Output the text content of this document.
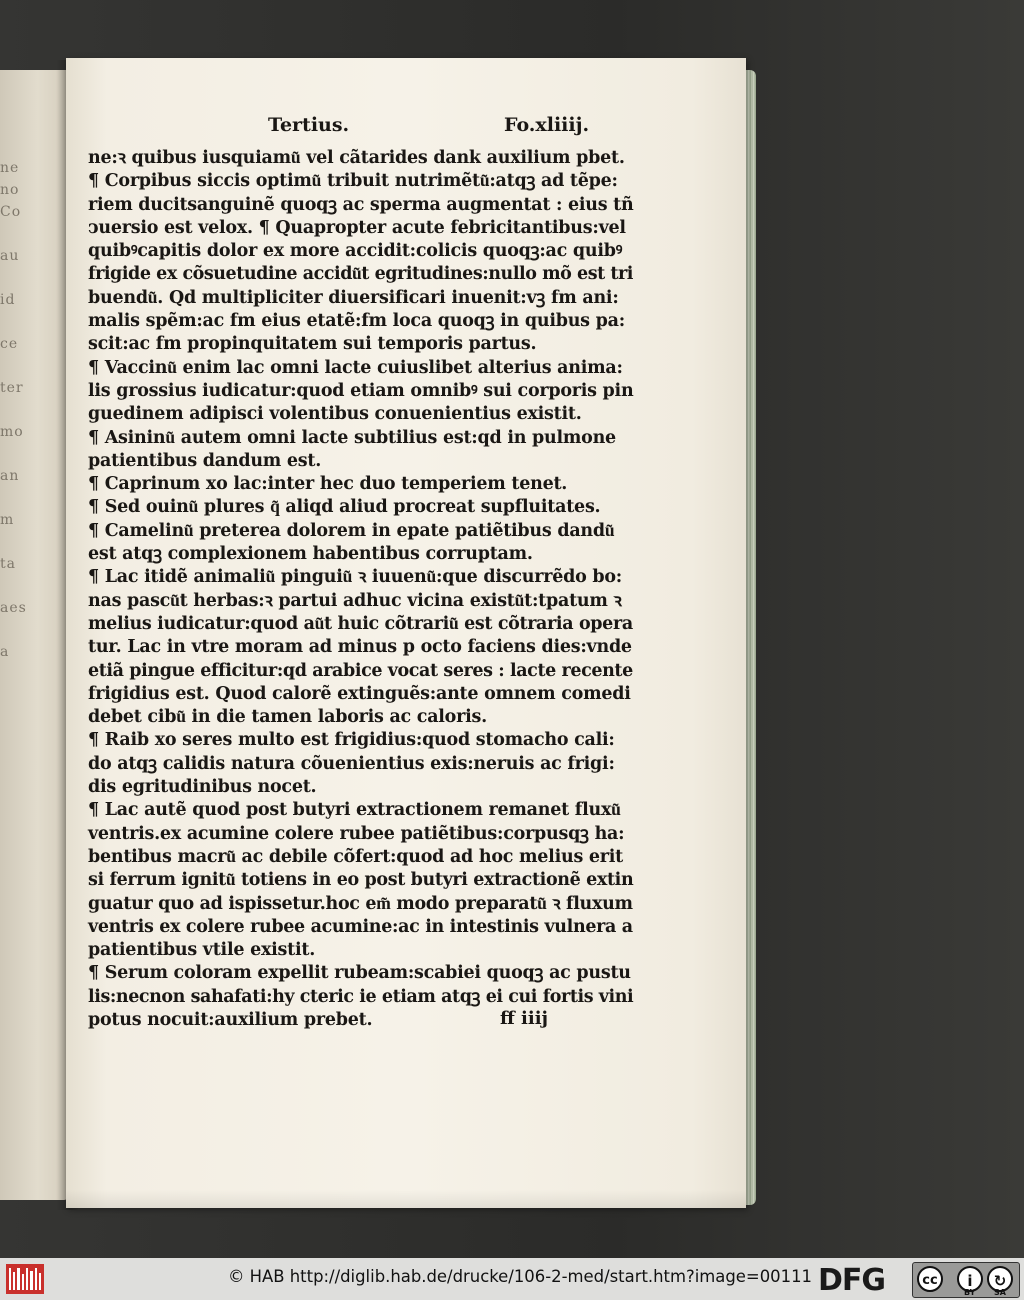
ne
no
Co
au
id
ce
ter
mo
an
m
ta
aes
a
Tertius.	Fo.xliiij.
ne:ꝛ quibus iusquiamu͂ vel cãtarides dank auxilium pbet.
¶ Corpibus siccis optimu͂ tribuit nutrimẽtu͂:atqꝫ ad tẽpe:
riem ducitsanguinẽ quoqꝫ ac sperma augmentat : eius tñ
ↄuersio est velox. ¶ Quapropter acute febricitantibus:vel
quibꝰcapitis dolor ex more accidit:colicis quoqꝫ:ac quibꝰ
frigide ex cõsuetudine accidu͂t egritudines:nullo mõ est tri
buendu͂. Qd multipliciter diuersificari inuenit:vꝫ fm ani:
malis spẽm:ac fm eius etatẽ:fm loca quoqꝫ in quibus pa:
scit:ac fm propinquitatem sui temporis partus.
¶ Vaccinu͂ enim lac omni lacte cuiuslibet alterius anima:
lis grossius iudicatur:quod etiam omnibꝰ sui corporis pin
guedinem adipisci volentibus conuenientius existit.
¶ Asininu͂ autem omni lacte subtilius est:qd in pulmone
patientibus dandum est.
¶ Caprinum xo lac:inter hec duo temperiem tenet.
¶ Sed ouinu͂ plures q͂ aliqd aliud procreat supfluitates.
¶ Camelinu͂ preterea dolorem in epate patiẽtibus dandu͂
est atqꝫ complexionem habentibus corruptam.
¶ Lac itidẽ animaliu͂ pinguiu͂ ꝛ iuuenu͂:que discurrẽdo bo:
nas pascu͂t herbas:ꝛ partui adhuc vicina existu͂t:tpatum ꝛ
melius iudicatur:quod au͂t huic cõtrariu͂ est cõtraria opera
tur. Lac in vtre moram ad minus p octo faciens dies:vnde
etiã pingue efficitur:qd arabice vocat seres : lacte recente
frigidius est. Quod calorẽ extinguẽs:ante omnem comedi
debet cibu͂ in die tamen laboris ac caloris.
¶ Raib xo seres multo est frigidius:quod stomacho cali:
do atqꝫ calidis natura cõuenientius exis:neruis ac frigi:
dis egritudinibus nocet.
¶ Lac autẽ quod post butyri extractionem remanet fluxu͂
ventris.ex acumine colere rubee patiẽtibus:corpusqꝫ ha:
bentibus macru͂ ac debile cõfert:quod ad hoc melius erit
si ferrum ignitu͂ totiens in eo post butyri extractionẽ extin
guatur quo ad ispissetur.hoc em͂ modo preparatu͂ ꝛ fluxum
ventris ex colere rubee acumine:ac in intestinis vulnera a
patientibus vtile existit.
¶ Serum coloram expellit rubeam:scabiei quoqꝫ ac pustu
lis:necnon sahafati:hy cteric ie etiam atqꝫ ei cui fortis vini
potus nocuit:auxilium prebet.	ff iiij
© HAB http://diglib.hab.de/drucke/106-2-med/start.htm?image=00111 DFG	cc	i	↻
BY SA
